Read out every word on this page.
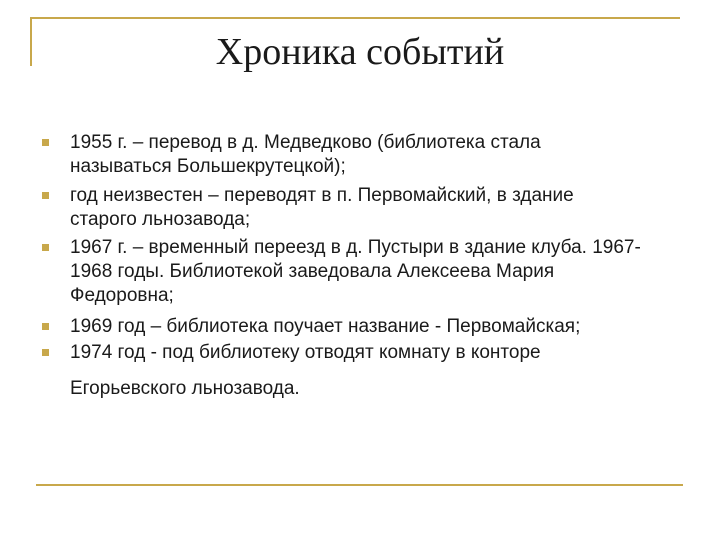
Хроника событий
1955 г. – перевод в д. Медведково (библиотека стала
называться Большекрутецкой);
год неизвестен – переводят в п. Первомайский, в здание
старого льнозавода;
1967 г. – временный переезд в д. Пустыри в здание клуба. 1967-
1968 годы. Библиотекой заведовала Алексеева Мария
Федоровна;
1969 год – библиотека поучает название - Первомайская;
1974 год - под библиотеку отводят комнату в конторе
Егорьевского льнозавода.
